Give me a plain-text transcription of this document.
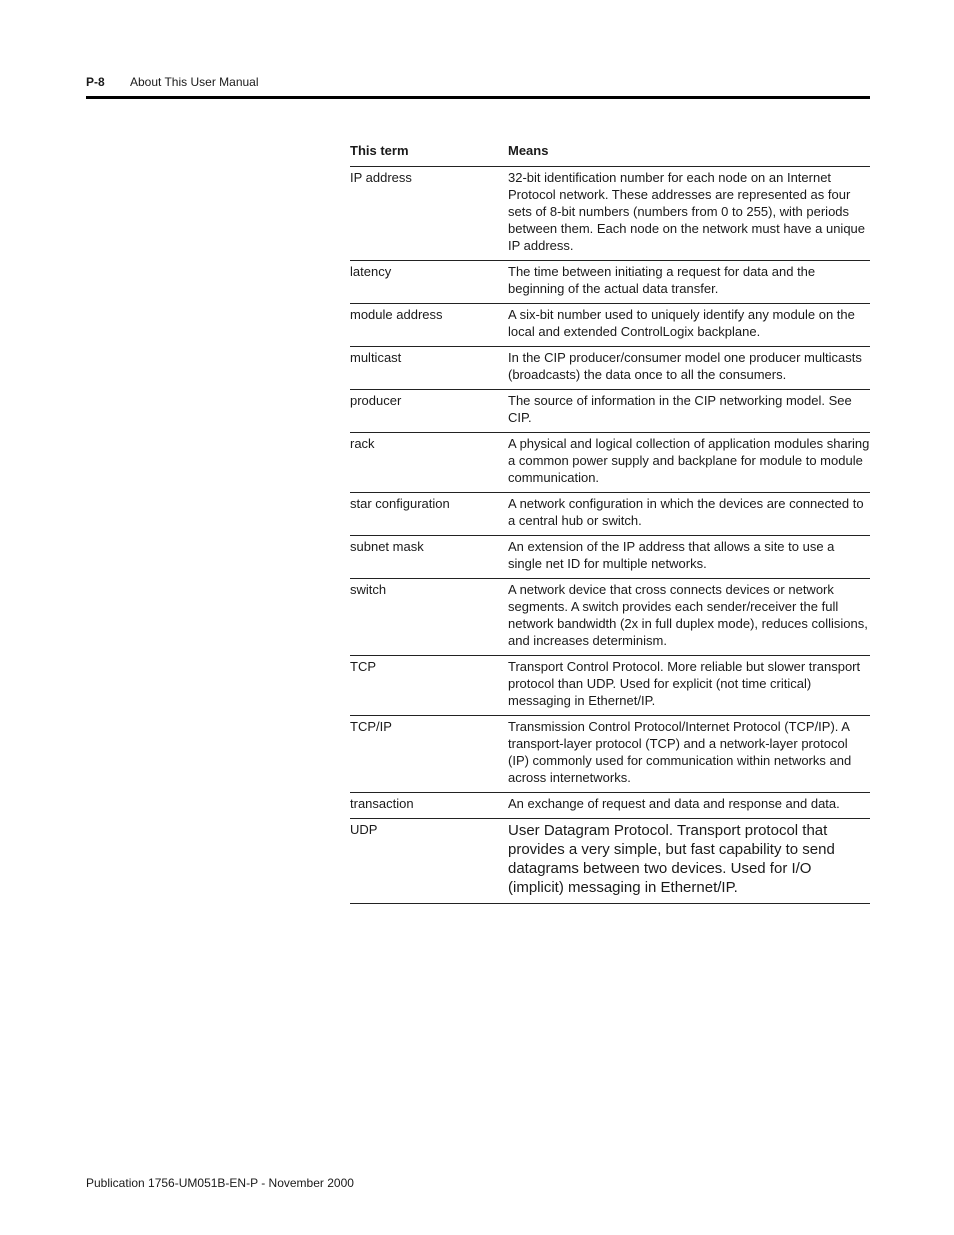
P-8 About This User Manual
This term	Means
IP address	32-bit identification number for each node on an Internet Protocol network. These addresses are represented as four sets of 8-bit numbers (numbers from 0 to 255), with periods between them. Each node on the network must have a unique IP address.
latency	The time between initiating a request for data and the beginning of the actual data transfer.
module address	A six-bit number used to uniquely identify any module on the local and extended ControlLogix backplane.
multicast	In the CIP producer/consumer model one producer multicasts (broadcasts) the data once to all the consumers.
producer	The source of information in the CIP networking model. See CIP.
rack	A physical and logical collection of application modules sharing a common power supply and backplane for module to module communication.
star configuration	A network configuration in which the devices are connected to a central hub or switch.
subnet mask	An extension of the IP address that allows a site to use a single net ID for multiple networks.
switch	A network device that cross connects devices or network segments. A switch provides each sender/receiver the full network bandwidth (2x in full duplex mode), reduces collisions, and increases determinism.
TCP	Transport Control Protocol. More reliable but slower transport protocol than UDP. Used for explicit (not time critical) messaging in Ethernet/IP.
TCP/IP	Transmission Control Protocol/Internet Protocol (TCP/IP). A transport-layer protocol (TCP) and a network-layer protocol (IP) commonly used for communication within networks and across internetworks.
transaction	An exchange of request and data and response and data.
UDP	User Datagram Protocol. Transport protocol that provides a very simple, but fast capability to send datagrams between two devices. Used for I/O (implicit) messaging in Ethernet/IP.
Publication 1756-UM051B-EN-P - November 2000
